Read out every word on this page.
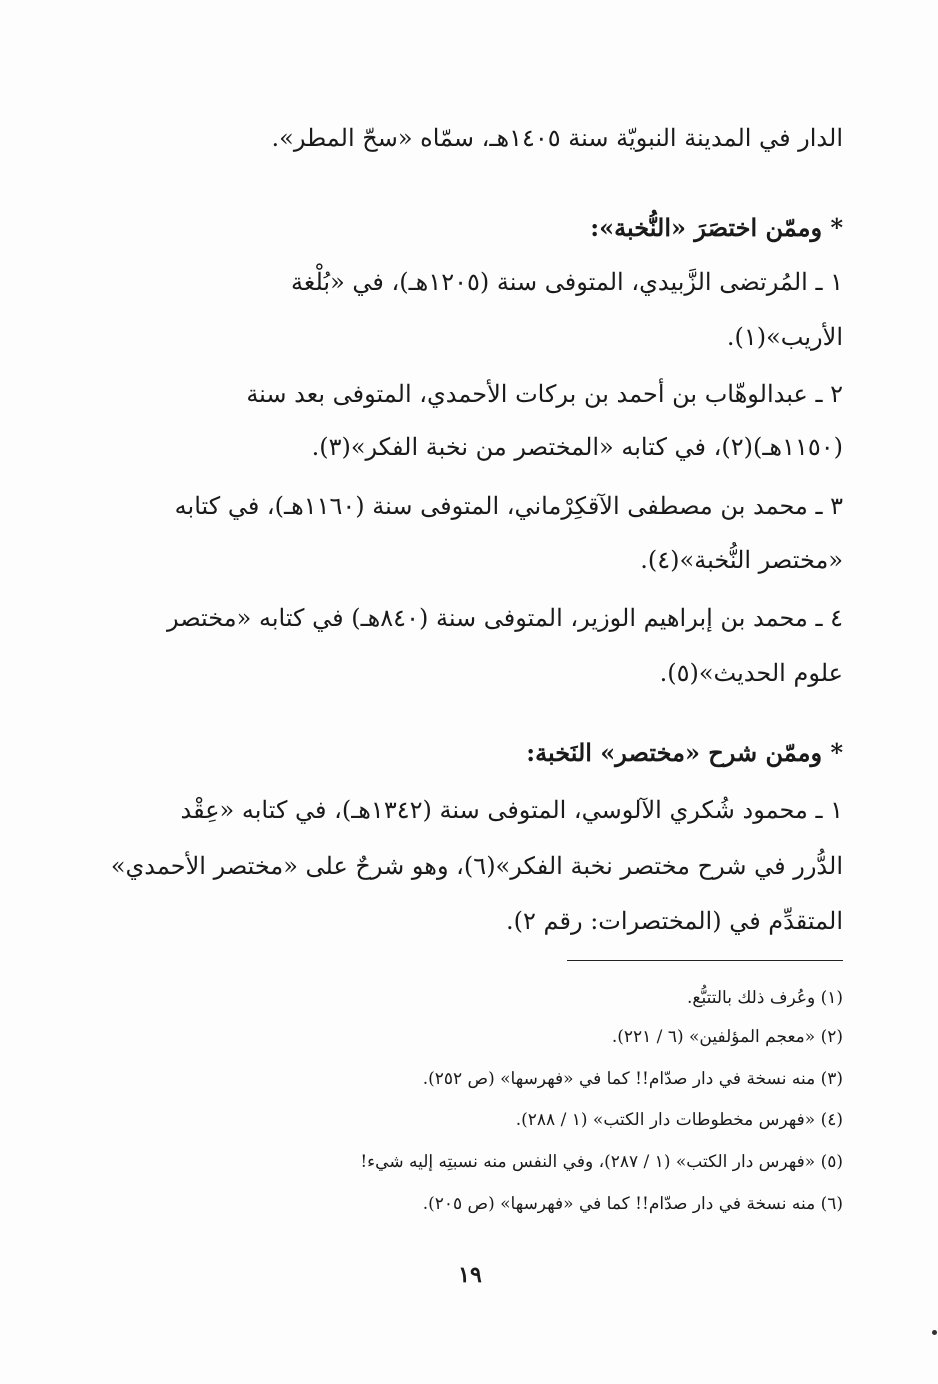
الدار في المدينة النبويّة سنة ١٤٠٥هـ، سمّاه «سحّ المطر».
* وممّن اختصَرَ «النُّخبة»:
١ ـ المُرتضى الزَّبيدي، المتوفى سنة (١٢٠٥هـ)، في «بُلْغة
الأريب»(١).
٢ ـ عبدالوهّاب بن أحمد بن بركات الأحمدي، المتوفى بعد سنة
(١١٥٠هـ)(٢)، في كتابه «المختصر من نخبة الفكر»(٣).
٣ ـ محمد بن مصطفى الآقكِرْماني، المتوفى سنة (١١٦٠هـ)، في كتابه
«مختصر النُّخبة»(٤).
٤ ـ محمد بن إبراهيم الوزير، المتوفى سنة (٨٤٠هـ) في كتابه «مختصر
علوم الحديث»(٥).
* وممّن شرح «مختصر» النَخبة:
١ ـ محمود شُكري الآلوسي، المتوفى سنة (١٣٤٢هـ)، في كتابه «عِقْد
الدُّرر في شرح مختصر نخبة الفكر»(٦)، وهو شرحٌ على «مختصر الأحمدي»
المتقدِّم في (المختصرات: رقم ٢).
(١) وعُرف ذلك بالتتبُّع.
(٢) «معجم المؤلفين» (٦ / ٢٢١).
(٣) منه نسخة في دار صدّام!! كما في «فهرسها» (ص ٢٥٢).
(٤) «فهرس مخطوطات دار الكتب» (١ / ٢٨٨).
(٥) «فهرس دار الكتب» (١ / ٢٨٧)، وفي النفس منه نسبتِه إليه شيء!
(٦) منه نسخة في دار صدّام!! كما في «فهرسها» (ص ٢٠٥).
١٩
